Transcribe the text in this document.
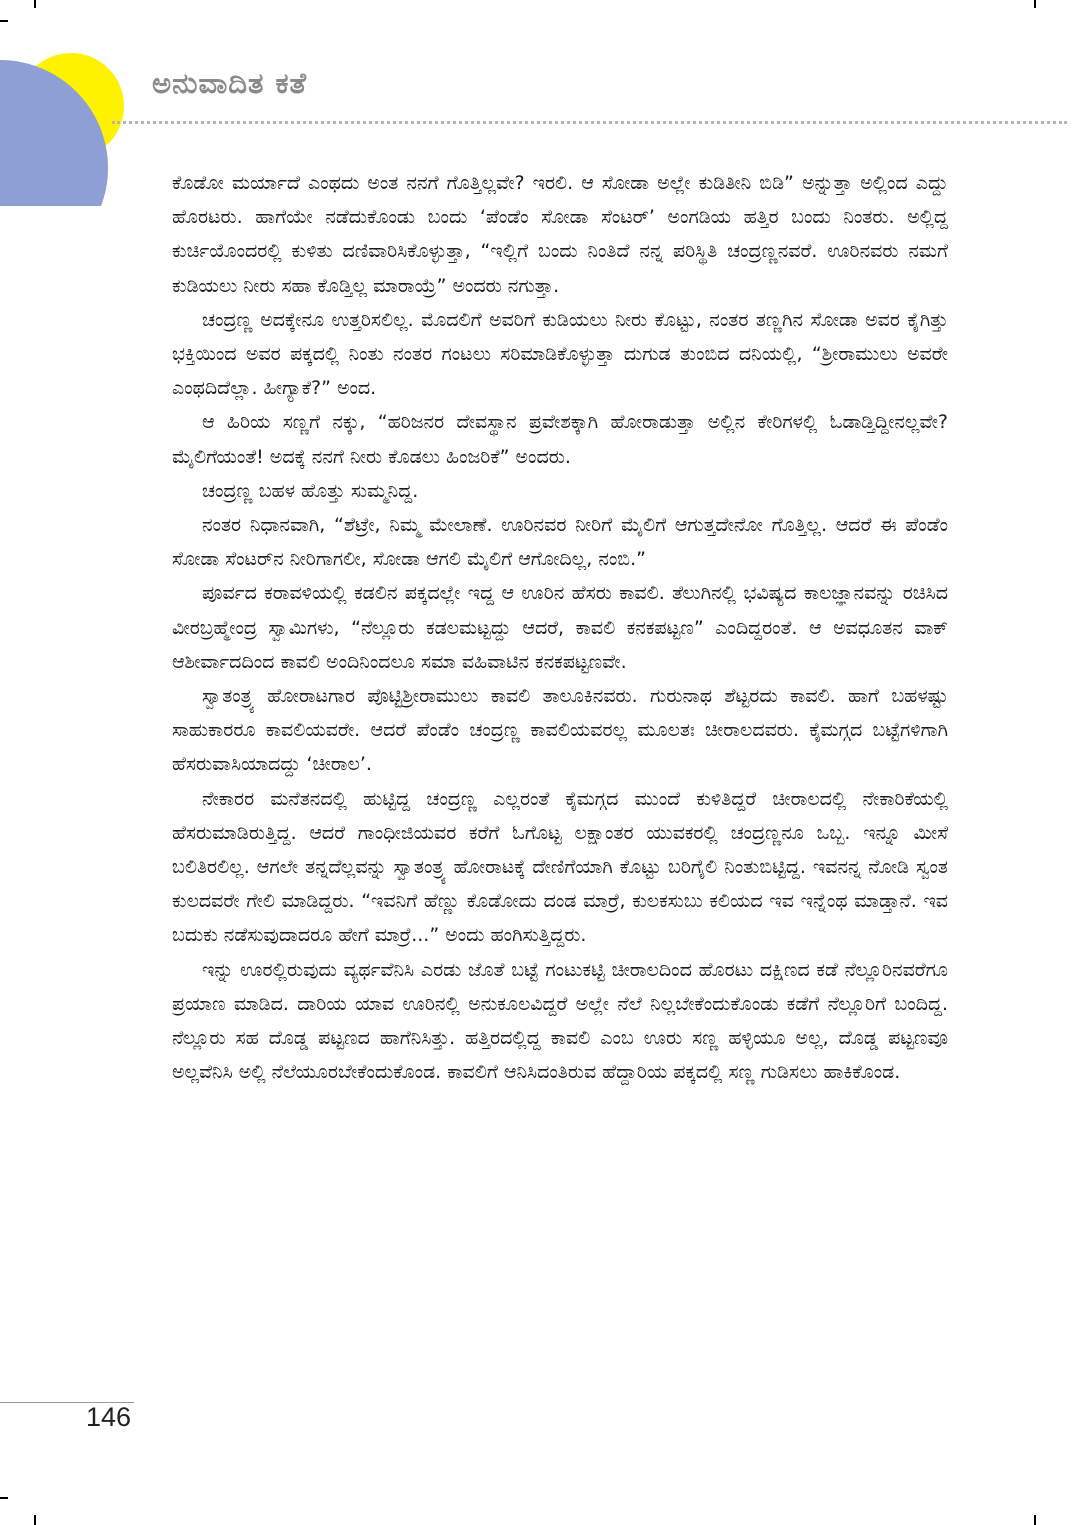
ಅನುವಾದಿತ ಕತೆ

ಕೊಡೋ ಮರ್ಯಾದೆ ಎಂಥದು ಅಂತ ನನಗೆ ಗೊತ್ತಿಲ್ಲವೇ? ಇರಲಿ. ಆ ಸೋಡಾ ಅಲ್ಲೇ ಕುಡಿತೀನಿ ಬಿಡಿ” ಅನ್ನುತ್ತಾ ಅಲ್ಲಿಂದ ಎದ್ದು ಹೊರಟರು. ಹಾಗೆಯೇ ನಡೆದುಕೊಂಡು ಬಂದು ‘ಪೆಂಡೆಂ ಸೋಡಾ ಸೆಂಟರ್’ ಅಂಗಡಿಯ ಹತ್ತಿರ ಬಂದು ನಿಂತರು. ಅಲ್ಲಿದ್ದ ಕುರ್ಚಿಯೊಂದರಲ್ಲಿ ಕುಳಿತು ದಣಿವಾರಿಸಿಕೊಳ್ಳುತ್ತಾ, “ಇಲ್ಲಿಗೆ ಬಂದು ನಿಂತಿದೆ ನನ್ನ ಪರಿಸ್ಥಿತಿ ಚಂದ್ರಣ್ಣನವರೆ. ಊರಿನವರು ನಮಗೆ ಕುಡಿಯಲು ನೀರು ಸಹಾ ಕೊಡ್ತಿಲ್ಲ ಮಾರಾಯ್ರೆ” ಅಂದರು ನಗುತ್ತಾ.

ಚಂದ್ರಣ್ಣ ಅದಕ್ಕೇನೂ ಉತ್ತರಿಸಲಿಲ್ಲ. ಮೊದಲಿಗೆ ಅವರಿಗೆ ಕುಡಿಯಲು ನೀರು ಕೊಟ್ಟು, ನಂತರ ತಣ್ಣಗಿನ ಸೋಡಾ ಅವರ ಕೈಗಿತ್ತು ಭಕ್ತಿಯಿಂದ ಅವರ ಪಕ್ಕದಲ್ಲಿ ನಿಂತು ನಂತರ ಗಂಟಲು ಸರಿಮಾಡಿಕೊಳ್ಳುತ್ತಾ ದುಗುಡ ತುಂಬಿದ ದನಿಯಲ್ಲಿ, “ಶ್ರೀರಾಮುಲು ಅವರೇ ಎಂಥದಿದೆಲ್ಲಾ. ಹೀಗ್ಯಾಕೆ?” ಅಂದ.

ಆ ಹಿರಿಯ ಸಣ್ಣಗೆ ನಕ್ಕು, “ಹರಿಜನರ ದೇವಸ್ಥಾನ ಪ್ರವೇಶಕ್ಕಾಗಿ ಹೋರಾಡುತ್ತಾ ಅಲ್ಲಿನ ಕೇರಿಗಳಲ್ಲಿ ಓಡಾಡ್ತಿದ್ದೀನಲ್ಲವೇ? ಮೈಲಿಗೆಯಂತೆ! ಅದಕ್ಕೆ ನನಗೆ ನೀರು ಕೊಡಲು ಹಿಂಜರಿಕೆ” ಅಂದರು.

ಚಂದ್ರಣ್ಣ ಬಹಳ ಹೊತ್ತು ಸುಮ್ಮನಿದ್ದ.

ನಂತರ ನಿಧಾನವಾಗಿ, “ಶೆಟ್ರೇ, ನಿಮ್ಮ ಮೇಲಾಣೆ. ಊರಿನವರ ನೀರಿಗೆ ಮೈಲಿಗೆ ಆಗುತ್ತದೇನೋ ಗೊತ್ತಿಲ್ಲ. ಆದರೆ ಈ ಪೆಂಡೆಂ ಸೋಡಾ ಸೆಂಟರ್‌ನ ನೀರಿಗಾಗಲೀ, ಸೋಡಾ ಆಗಲಿ ಮೈಲಿಗೆ ಆಗೋದಿಲ್ಲ, ನಂಬಿ.”

ಪೂರ್ವದ ಕರಾವಳಿಯಲ್ಲಿ ಕಡಲಿನ ಪಕ್ಕದಲ್ಲೇ ಇದ್ದ ಆ ಊರಿನ ಹೆಸರು ಕಾವಲಿ. ತೆಲುಗಿನಲ್ಲಿ ಭವಿಷ್ಯದ ಕಾಲಜ್ಞಾನವನ್ನು ರಚಿಸಿದ ವೀರಬ್ರಹ್ಮೇಂದ್ರ ಸ್ವಾಮಿಗಳು, “ನೆಲ್ಲೂರು ಕಡಲಮಟ್ಟದ್ದು ಆದರೆ, ಕಾವಲಿ ಕನಕಪಟ್ಟಣ” ಎಂದಿದ್ದರಂತೆ. ಆ ಅವಧೂತನ ವಾಕ್ ಆಶೀರ್ವಾದದಿಂದ ಕಾವಲಿ ಅಂದಿನಿಂದಲೂ ಸಮಾ ವಹಿವಾಟಿನ ಕನಕಪಟ್ಟಣವೇ.

ಸ್ವಾತಂತ್ರ್ಯ ಹೋರಾಟಗಾರ ಪೊಟ್ಟಿಶ್ರೀರಾಮುಲು ಕಾವಲಿ ತಾಲೂಕಿನವರು. ಗುರುನಾಥ ಶೆಟ್ಟರದು ಕಾವಲಿ. ಹಾಗೆ ಬಹಳಷ್ಟು ಸಾಹುಕಾರರೂ ಕಾವಲಿಯವರೇ. ಆದರೆ ಪೆಂಡೆಂ ಚಂದ್ರಣ್ಣ ಕಾವಲಿಯವರಲ್ಲ ಮೂಲತಃ ಚೀರಾಲದವರು. ಕೈಮಗ್ಗದ ಬಟ್ಟೆಗಳಿಗಾಗಿ ಹೆಸರುವಾಸಿಯಾದದ್ದು ‘ಚೀರಾಲ’.

ನೇಕಾರರ ಮನೆತನದಲ್ಲಿ ಹುಟ್ಟಿದ್ದ ಚಂದ್ರಣ್ಣ ಎಲ್ಲರಂತೆ ಕೈಮಗ್ಗದ ಮುಂದೆ ಕುಳಿತಿದ್ದರೆ ಚೀರಾಲದಲ್ಲಿ ನೇಕಾರಿಕೆಯಲ್ಲಿ ಹೆಸರುಮಾಡಿರುತ್ತಿದ್ದ. ಆದರೆ ಗಾಂಧೀಜಿಯವರ ಕರೆಗೆ ಓಗೊಟ್ಟ ಲಕ್ಷಾಂತರ ಯುವಕರಲ್ಲಿ ಚಂದ್ರಣ್ಣನೂ ಒಬ್ಬ. ಇನ್ನೂ ಮೀಸೆ ಬಲಿತಿರಲಿಲ್ಲ. ಆಗಲೇ ತನ್ನದೆಲ್ಲವನ್ನು ಸ್ವಾತಂತ್ರ್ಯ ಹೋರಾಟಕ್ಕೆ ದೇಣಿಗೆಯಾಗಿ ಕೊಟ್ಟು ಬರಿಗೈಲಿ ನಿಂತುಬಿಟ್ಟಿದ್ದ. ಇವನನ್ನ ನೋಡಿ ಸ್ವಂತ ಕುಲದವರೇ ಗೇಲಿ ಮಾಡಿದ್ದರು. “ಇವನಿಗೆ ಹೆಣ್ಣು ಕೊಡೋದು ದಂಡ ಮಾರ್‍ರೆ, ಕುಲಕಸುಬು ಕಲಿಯದ ಇವ ಇನ್ನೆಂಥ ಮಾಡ್ತಾನೆ. ಇವ ಬದುಕು ನಡೆಸುವುದಾದರೂ ಹೇಗೆ ಮಾರ್‍ರೆ...” ಅಂದು ಹಂಗಿಸುತ್ತಿದ್ದರು.

ಇನ್ನು ಊರಲ್ಲಿರುವುದು ವ್ಯರ್ಥವೆನಿಸಿ ಎರಡು ಜೊತೆ ಬಟ್ಟೆ ಗಂಟುಕಟ್ಟಿ ಚೀರಾಲದಿಂದ ಹೊರಟು ದಕ್ಷಿಣದ ಕಡೆ ನೆಲ್ಲೂರಿನವರೆಗೂ ಪ್ರಯಾಣ ಮಾಡಿದ. ದಾರಿಯ ಯಾವ ಊರಿನಲ್ಲಿ ಅನುಕೂಲವಿದ್ದರೆ ಅಲ್ಲೇ ನೆಲೆ ನಿಲ್ಲಬೇಕೆಂದುಕೊಂಡು ಕಡೆಗೆ ನೆಲ್ಲೂರಿಗೆ ಬಂದಿದ್ದ. ನೆಲ್ಲೂರು ಸಹ ದೊಡ್ಡ ಪಟ್ಟಣದ ಹಾಗೆನಿಸಿತ್ತು. ಹತ್ತಿರದಲ್ಲಿದ್ದ ಕಾವಲಿ ಎಂಬ ಊರು ಸಣ್ಣ ಹಳ್ಳಿಯೂ ಅಲ್ಲ, ದೊಡ್ಡ ಪಟ್ಟಣವೂ ಅಲ್ಲವೆನಿಸಿ ಅಲ್ಲಿ ನೆಲೆಯೂರಬೇಕೆಂದುಕೊಂಡ. ಕಾವಲಿಗೆ ಆನಿಸಿದಂತಿರುವ ಹೆದ್ದಾರಿಯ ಪಕ್ಕದಲ್ಲಿ ಸಣ್ಣ ಗುಡಿಸಲು ಹಾಕಿಕೊಂಡ.

146
